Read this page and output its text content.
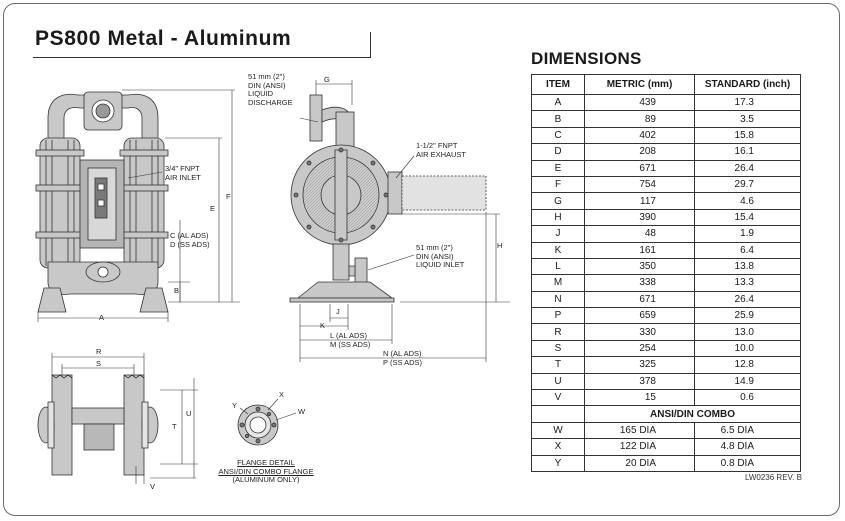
PS800 Metal - Aluminum
DIMENSIONS
ITEM	METRIC (mm)	STANDARD (inch)
A	439	17.3
B	89	3.5
C	402	15.8
D	208	16.1
E	671	26.4
F	754	29.7
G	117	4.6
H	390	15.4
J	48	1.9
K	161	6.4
L	350	13.8
M	338	13.3
N	671	26.4
P	659	25.9
R	330	13.0
S	254	10.0
T	325	12.8
U	378	14.9
V	15	0.6
	ANSI/DIN COMBO	
W	165 DIA	6.5 DIA
X	122 DIA	4.8 DIA
Y	20 DIA	0.8 DIA
LW0236 REV. B
3/4" FNPT
AIR INLET
C (AL ADS)
D (SS ADS)
E
F
B
A
51 mm (2")
DIN (ANSI)
LIQUID
DISCHARGE
G
1-1/2" FNPT
AIR EXHAUST
51 mm (2")
DIN (ANSI)
LIQUID INLET
H
J
K
L (AL ADS)
M (SS ADS)
N (AL ADS)
P (SS ADS)
R
S
T
U
V
X
Y
W
FLANGE DETAIL
ANSI/DIN COMBO FLANGE
(ALUMINUM ONLY)
